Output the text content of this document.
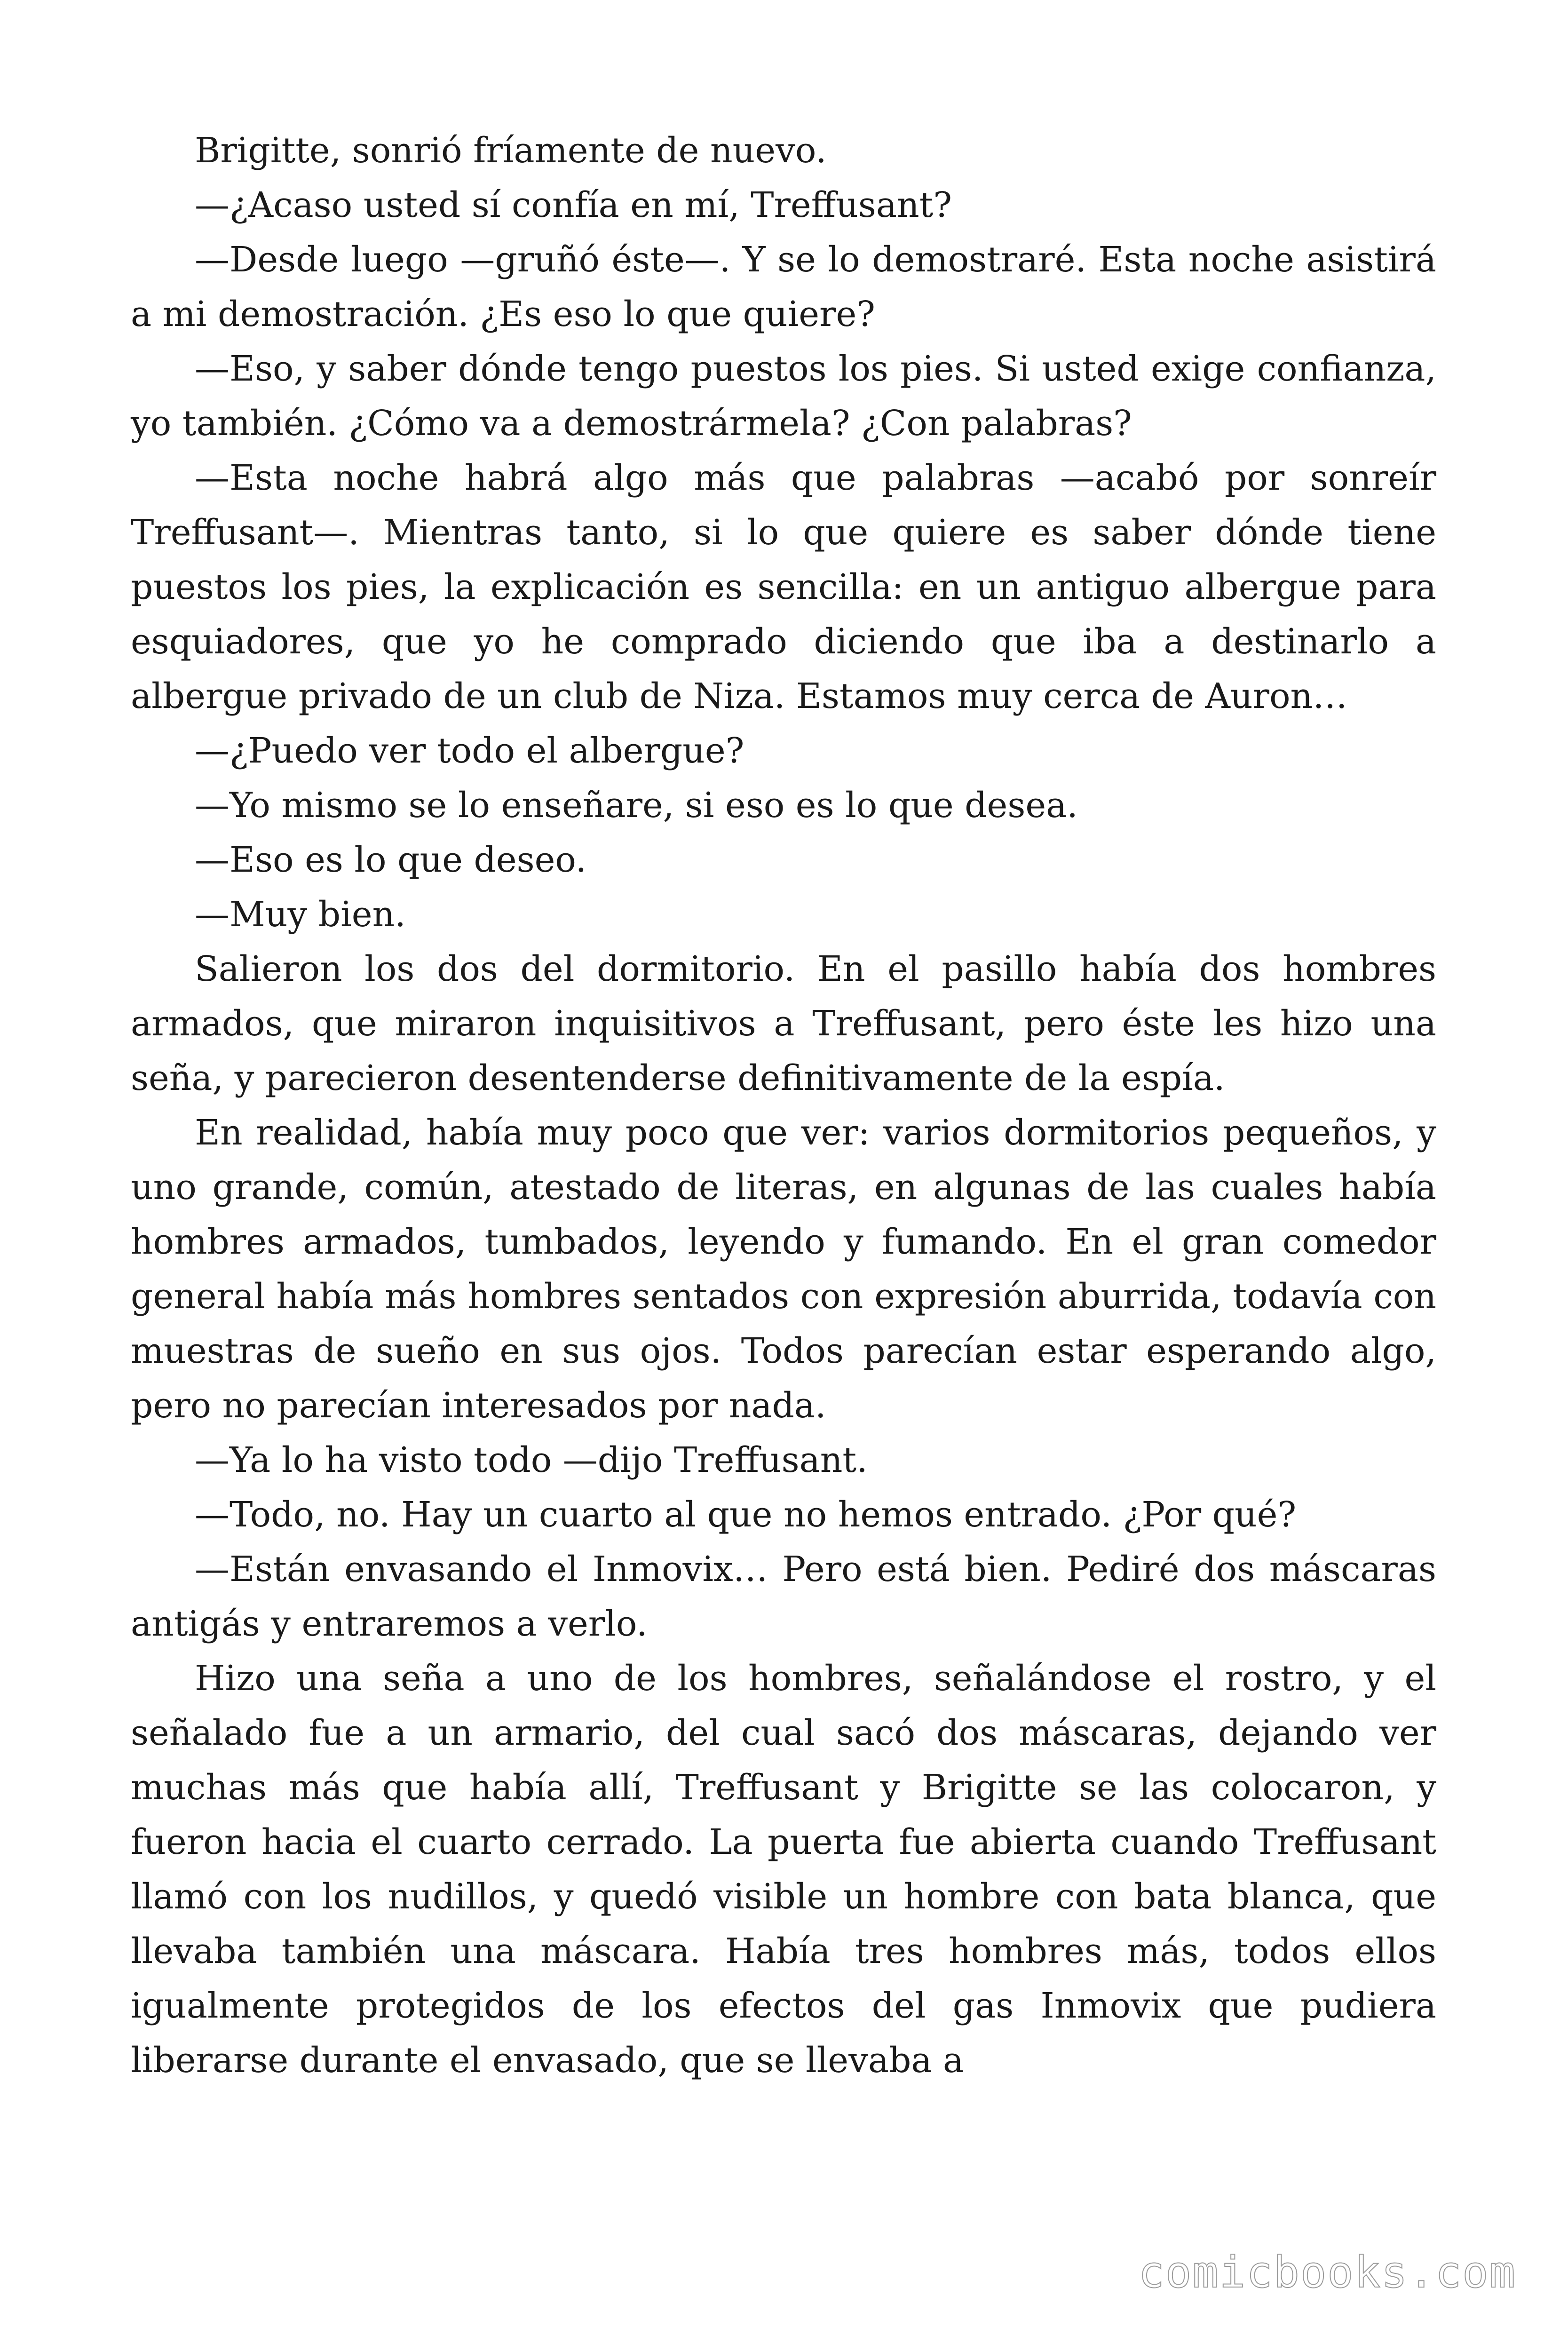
Brigitte, sonrió fríamente de nuevo.

—¿Acaso usted sí confía en mí, Treffusant?

—Desde luego —gruñó éste—. Y se lo demostraré. Esta noche asistirá a mi demostración. ¿Es eso lo que quiere?

—Eso, y saber dónde tengo puestos los pies. Si usted exige confianza, yo también. ¿Cómo va a demostrármela? ¿Con palabras?

—Esta noche habrá algo más que palabras —acabó por sonreír Treffusant—. Mientras tanto, si lo que quiere es saber dónde tiene puestos los pies, la explicación es sencilla: en un antiguo albergue para esquiadores, que yo he comprado diciendo que iba a destinarlo a albergue privado de un club de Niza. Estamos muy cerca de Auron…

—¿Puedo ver todo el albergue?

—Yo mismo se lo enseñare, si eso es lo que desea.

—Eso es lo que deseo.

—Muy bien.

Salieron los dos del dormitorio. En el pasillo había dos hombres armados, que miraron inquisitivos a Treffusant, pero éste les hizo una seña, y parecieron desentenderse definitivamente de la espía.

En realidad, había muy poco que ver: varios dormitorios pequeños, y uno grande, común, atestado de literas, en algunas de las cuales había hombres armados, tumbados, leyendo y fumando. En el gran comedor general había más hombres sentados con expresión aburrida, todavía con muestras de sueño en sus ojos. Todos parecían estar esperando algo, pero no parecían interesados por nada.

—Ya lo ha visto todo —dijo Treffusant.

—Todo, no. Hay un cuarto al que no hemos entrado. ¿Por qué?

—Están envasando el Inmovix… Pero está bien. Pediré dos máscaras antigás y entraremos a verlo.

Hizo una seña a uno de los hombres, señalándose el rostro, y el señalado fue a un armario, del cual sacó dos máscaras, dejando ver muchas más que había allí, Treffusant y Brigitte se las colocaron, y fueron hacia el cuarto cerrado. La puerta fue abierta cuando Treffusant llamó con los nudillos, y quedó visible un hombre con bata blanca, que llevaba también una máscara. Había tres hombres más, todos ellos igualmente protegidos de los efectos del gas Inmovix que pudiera liberarse durante el envasado, que se llevaba a

comicbooks.com
